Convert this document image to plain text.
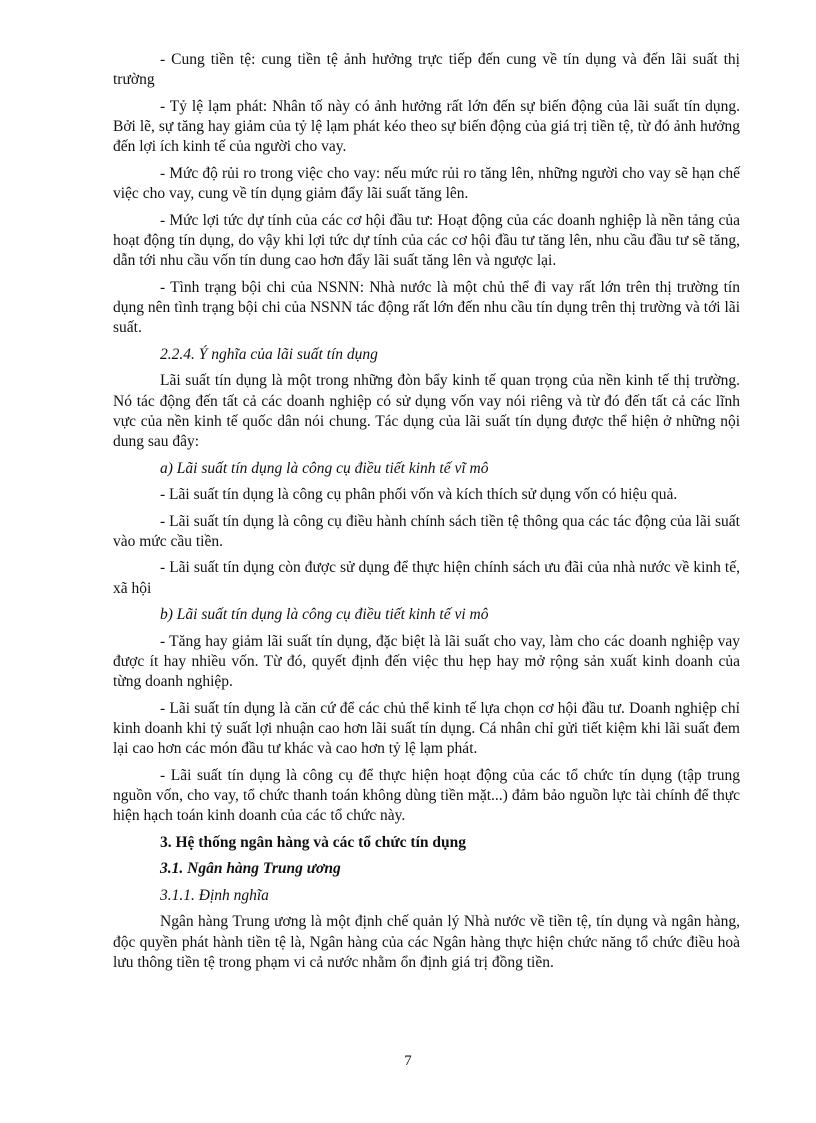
- Cung tiền tệ: cung tiền tệ ảnh hưởng trực tiếp đến cung về tín dụng và đến lãi suất thị trường

- Tỷ lệ lạm phát: Nhân tố này có ảnh hưởng rất lớn đến sự biến động của lãi suất tín dụng. Bởi lẽ, sự tăng hay giảm của tỷ lệ lạm phát kéo theo sự biến động của giá trị tiền tệ, từ đó ảnh hưởng đến lợi ích kinh tế của người cho vay.

- Mức độ rủi ro trong việc cho vay: nếu mức rủi ro tăng lên, những người cho vay sẽ hạn chế việc cho vay, cung về tín dụng giảm đẩy lãi suất tăng lên.

- Mức lợi tức dự tính của các cơ hội đầu tư: Hoạt động của các doanh nghiệp là nền tảng của hoạt động tín dụng, do vậy khi lợi tức dự tính của các cơ hội đầu tư tăng lên, nhu cầu đầu tư sẽ tăng, dẫn tới nhu cầu vốn tín dung cao hơn đẩy lãi suất tăng lên và ngược lại.

- Tình trạng bội chi của NSNN: Nhà nước là một chủ thể đi vay rất lớn trên thị trường tín dụng nên tình trạng bội chi của NSNN tác động rất lớn đến nhu cầu tín dụng trên thị trường và tới lãi suất.

2.2.4. Ý nghĩa của lãi suất tín dụng

Lãi suất tín dụng là một trong những đòn bẩy kinh tế quan trọng của nền kinh tế thị trường. Nó tác động đến tất cả các doanh nghiệp có sử dụng vốn vay nói riêng và từ đó đến tất cả các lĩnh vực của nền kinh tế quốc dân nói chung. Tác dụng của lãi suất tín dụng được thể hiện ở những nội dung sau đây:

a) Lãi suất tín dụng là công cụ điều tiết kinh tế vĩ mô

- Lãi suất tín dụng là công cụ phân phối vốn và kích thích sử dụng vốn có hiệu quả.

- Lãi suất tín dụng là công cụ điều hành chính sách tiền tệ thông qua các tác động của lãi suất vào mức cầu tiền.

- Lãi suất tín dụng còn được sử dụng để thực hiện chính sách ưu đãi của nhà nước về kinh tế, xã hội

b) Lãi suất tín dụng là công cụ điều tiết kinh tế vi mô

- Tăng hay giảm lãi suất tín dụng, đặc biệt là lãi suất cho vay, làm cho các doanh nghiệp vay được ít hay nhiều vốn. Từ đó, quyết định đến việc thu hẹp hay mở rộng sản xuất kinh doanh của từng doanh nghiệp.

- Lãi suất tín dụng là căn cứ để các chủ thể kinh tế lựa chọn cơ hội đầu tư. Doanh nghiệp chỉ kinh doanh khi tỷ suất lợi nhuận cao hơn lãi suất tín dụng. Cá nhân chỉ gửi tiết kiệm khi lãi suất đem lại cao hơn các món đầu tư khác và cao hơn tỷ lệ lạm phát.

- Lãi suất tín dụng là công cụ để thực hiện hoạt động của các tổ chức tín dụng (tập trung nguồn vốn, cho vay, tổ chức thanh toán không dùng tiền mặt...) đảm bảo nguồn lực tài chính để thực hiện hạch toán kinh doanh của các tổ chức này.

3. Hệ thống ngân hàng và các tổ chức tín dụng

3.1. Ngân hàng Trung ương

3.1.1. Định nghĩa

Ngân hàng Trung ương là một định chế quản lý Nhà nước về tiền tệ, tín dụng và ngân hàng, độc quyền phát hành tiền tệ là, Ngân hàng của các Ngân hàng thực hiện chức năng tổ chức điều hoà lưu thông tiền tệ trong phạm vi cả nước nhằm ổn định giá trị đồng tiền.

7
